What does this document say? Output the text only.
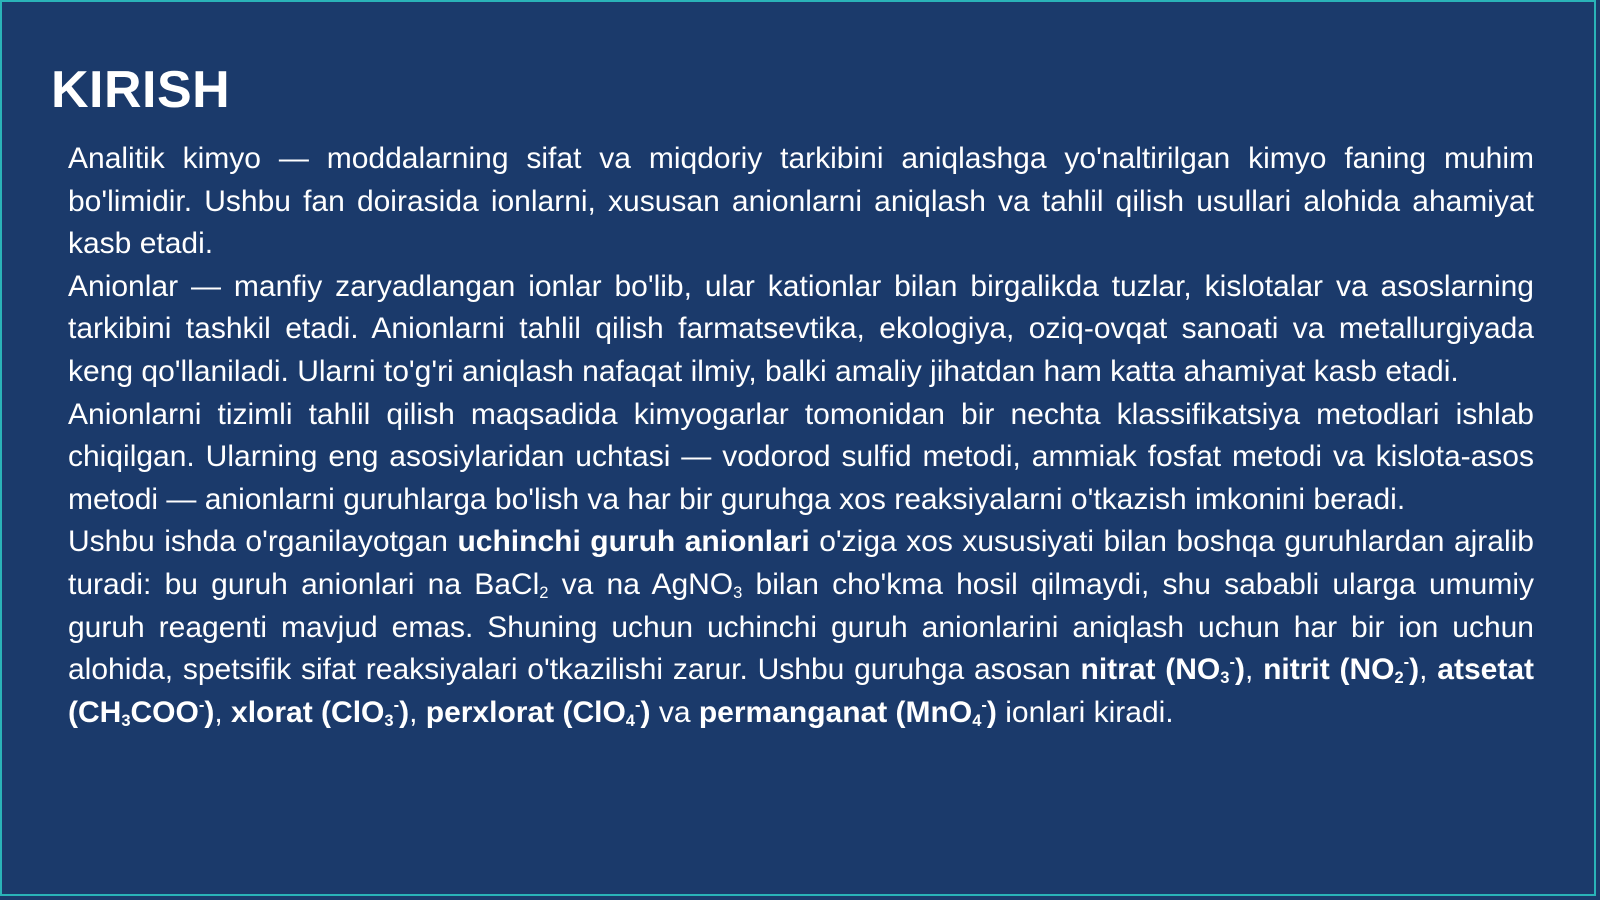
KIRISH

Analitik kimyo — moddalarning sifat va miqdoriy tarkibini aniqlashga yo'naltirilgan kimyo faning muhim bo'limidir. Ushbu fan doirasida ionlarni, xususan anionlarni aniqlash va tahlil qilish usullari alohida ahamiyat kasb etadi.

Anionlar — manfiy zaryadlangan ionlar bo'lib, ular kationlar bilan birgalikda tuzlar, kislotalar va asoslarning tarkibini tashkil etadi. Anionlarni tahlil qilish farmatsevtika, ekologiya, oziq-ovqat sanoati va metallurgiyada keng qo'llaniladi. Ularni to'g'ri aniqlash nafaqat ilmiy, balki amaliy jihatdan ham katta ahamiyat kasb etadi.

Anionlarni tizimli tahlil qilish maqsadida kimyogarlar tomonidan bir nechta klassifikatsiya metodlari ishlab chiqilgan. Ularning eng asosiylaridan uchtasi — vodorod sulfid metodi, ammiak fosfat metodi va kislota-asos metodi — anionlarni guruhlarga bo'lish va har bir guruhga xos reaksiyalarni o'tkazish imkonini beradi.

Ushbu ishda o'rganilayotgan uchinchi guruh anionlari o'ziga xos xususiyati bilan boshqa guruhlardan ajralib turadi: bu guruh anionlari na BaCl$_2$ va na AgNO$_3$ bilan cho'kma hosil qilmaydi, shu sababli ularga umumiy guruh reagenti mavjud emas. Shuning uchun uchinchi guruh anionlarini aniqlash uchun har bir ion uchun alohida, spetsifik sifat reaksiyalari o'tkazilishi zarur. Ushbu guruhga asosan nitrat $(NO_3^-)$, nitrit $(NO_2^-)$, atsetat $(CH_3COO^-)$, xlorat (ClO$_3$-), perxlorat (ClO$_4$-) va permanganat (MnO$_4$-) ionlari kiradi.
